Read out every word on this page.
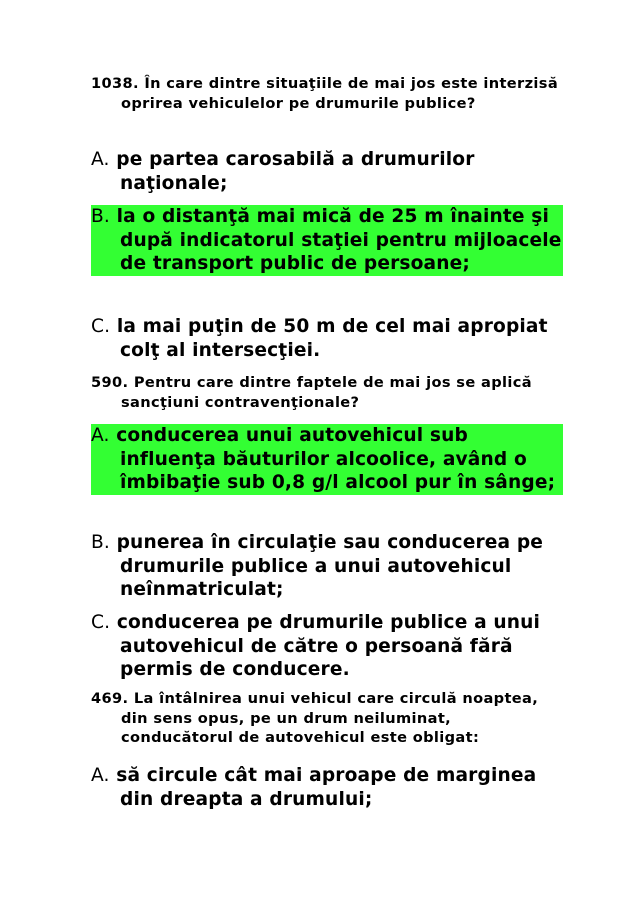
1038. În care dintre situaţiile de mai jos este interzisă oprirea vehiculelor pe drumurile publice?
A. pe partea carosabilă a drumurilor naţionale;
B. la o distanţă mai mică de 25 m înainte şi după indicatorul staţiei pentru mijloacele de transport public de persoane;
C. la mai puţin de 50 m de cel mai apropiat colţ al intersecţiei.
590. Pentru care dintre faptele de mai jos se aplică sancţiuni contravenţionale?
A. conducerea unui autovehicul sub influenţa băuturilor alcoolice, având o îmbibaţie sub 0,8 g/l alcool pur în sânge;
B. punerea în circulaţie sau conducerea pe drumurile publice a unui autovehicul neînmatriculat;
C. conducerea pe drumurile publice a unui autovehicul de către o persoană fără permis de conducere.
469. La întâlnirea unui vehicul care circulă noaptea, din sens opus, pe un drum neiluminat, conducătorul de autovehicul este obligat:
A. să circule cât mai aproape de marginea din dreapta a drumului;
